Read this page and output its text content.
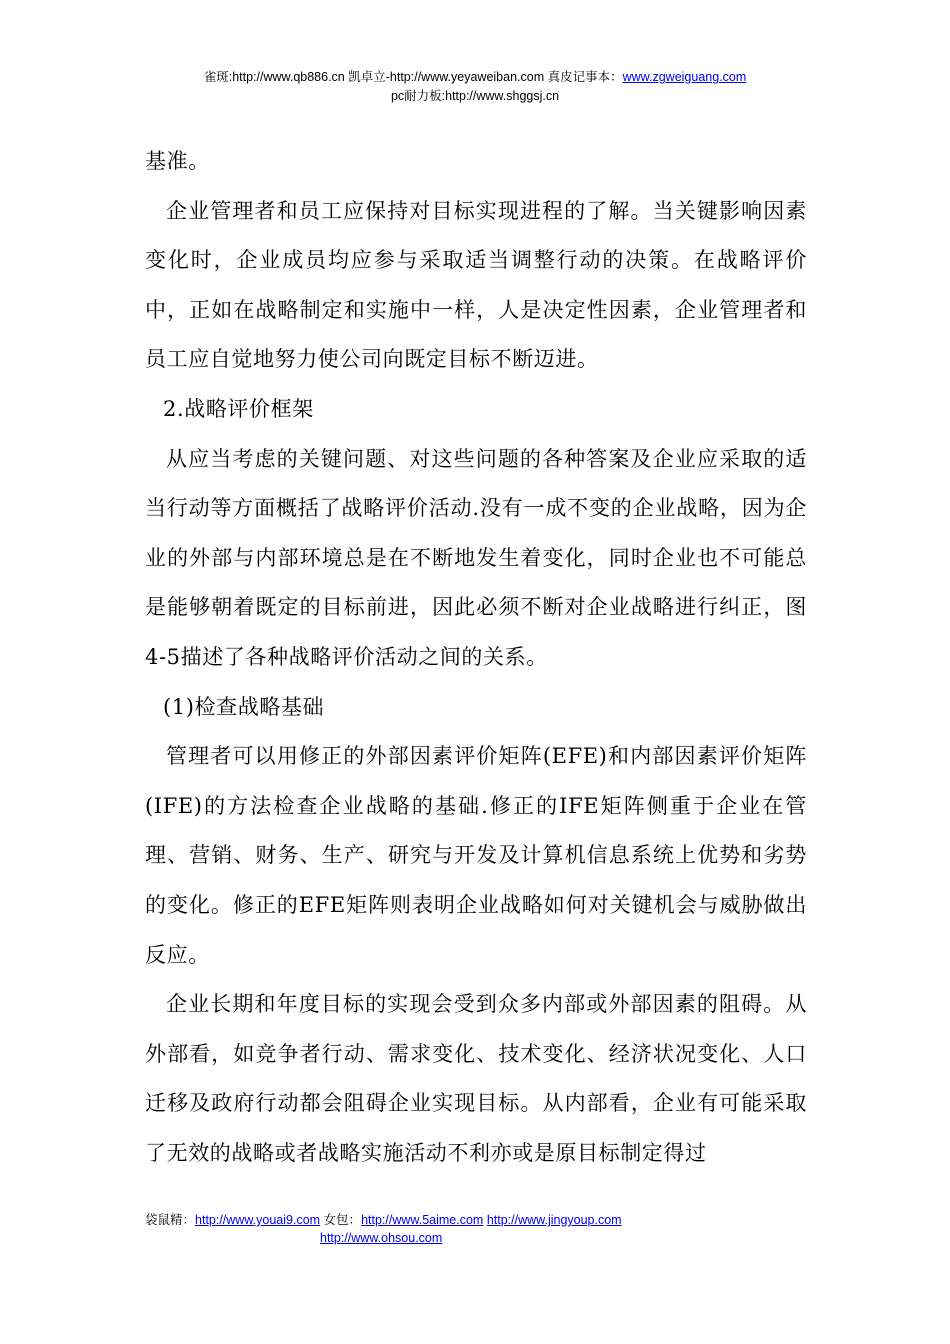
雀斑:http://www.qb886.cn 凯卓立-http://www.yeyaweiban.com 真皮记事本：www.zgweiguang.com
pc耐力板:http://www.shggsj.cn

基准。

企业管理者和员工应保持对目标实现进程的了解。当关键影响因素变化时，企业成员均应参与采取适当调整行动的决策。在战略评价中，正如在战略制定和实施中一样，人是决定性因素，企业管理者和员工应自觉地努力使公司向既定目标不断迈进。

2.战略评价框架

从应当考虑的关键问题、对这些问题的各种答案及企业应采取的适当行动等方面概括了战略评价活动.没有一成不变的企业战略，因为企业的外部与内部环境总是在不断地发生着变化，同时企业也不可能总是能够朝着既定的目标前进，因此必须不断对企业战略进行纠正，图4-5描述了各种战略评价活动之间的关系。

(1)检查战略基础

管理者可以用修正的外部因素评价矩阵(EFE)和内部因素评价矩阵(IFE)的方法检查企业战略的基础.修正的IFE矩阵侧重于企业在管理、营销、财务、生产、研究与开发及计算机信息系统上优势和劣势的变化。修正的EFE矩阵则表明企业战略如何对关键机会与威胁做出反应。

企业长期和年度目标的实现会受到众多内部或外部因素的阻碍。从外部看，如竞争者行动、需求变化、技术变化、经济状况变化、人口迁移及政府行动都会阻碍企业实现目标。从内部看，企业有可能采取了无效的战略或者战略实施活动不利亦或是原目标制定得过

袋鼠精：http://www.youai9.com 女包：http://www.5aime.com http://www.jingyoup.com
http://www.ohsou.com
